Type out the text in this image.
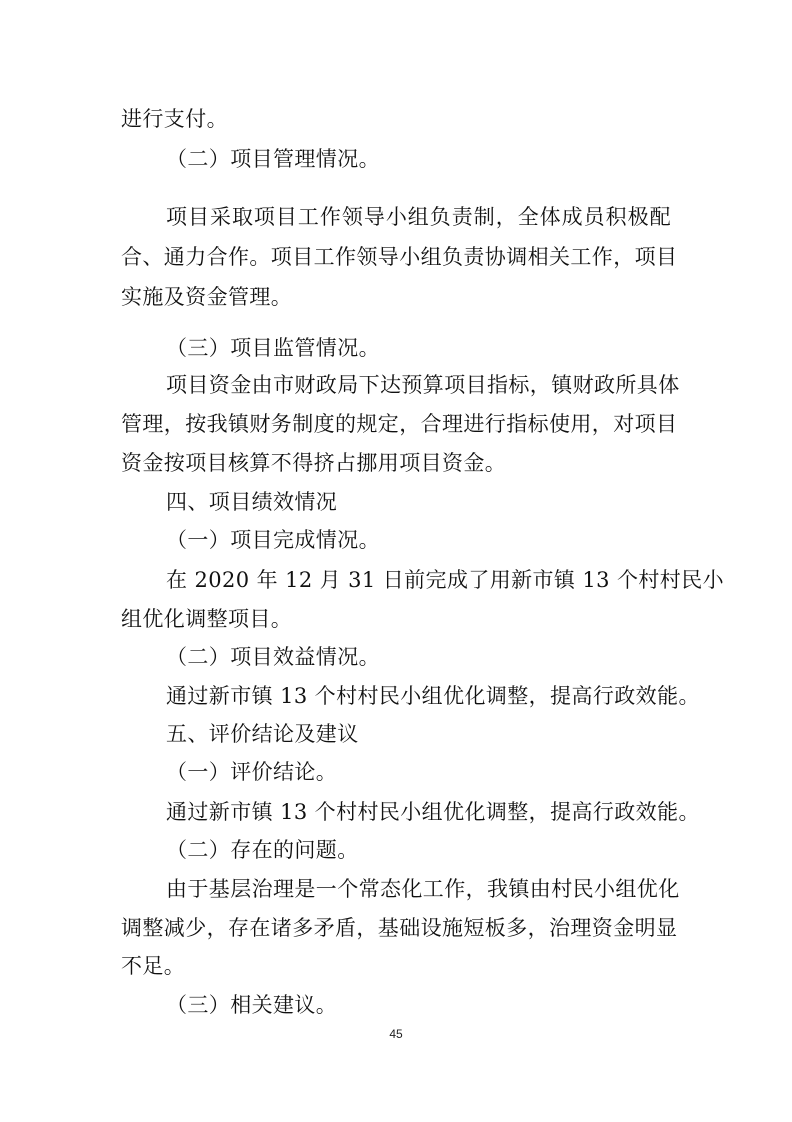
进行支付。
（二）项目管理情况。
项目采取项目工作领导小组负责制，全体成员积极配
合、通力合作。项目工作领导小组负责协调相关工作，项目
实施及资金管理。
（三）项目监管情况。
项目资金由市财政局下达预算项目指标，镇财政所具体
管理，按我镇财务制度的规定，合理进行指标使用，对项目
资金按项目核算不得挤占挪用项目资金。
四、项目绩效情况
（一）项目完成情况。
在 2020 年 12 月 31 日前完成了用新市镇 13 个村村民小
组优化调整项目。
（二）项目效益情况。
通过新市镇 13 个村村民小组优化调整，提高行政效能。
五、评价结论及建议
（一）评价结论。
通过新市镇 13 个村村民小组优化调整，提高行政效能。
（二）存在的问题。
由于基层治理是一个常态化工作，我镇由村民小组优化
调整减少，存在诸多矛盾，基础设施短板多，治理资金明显
不足。
（三）相关建议。
45
